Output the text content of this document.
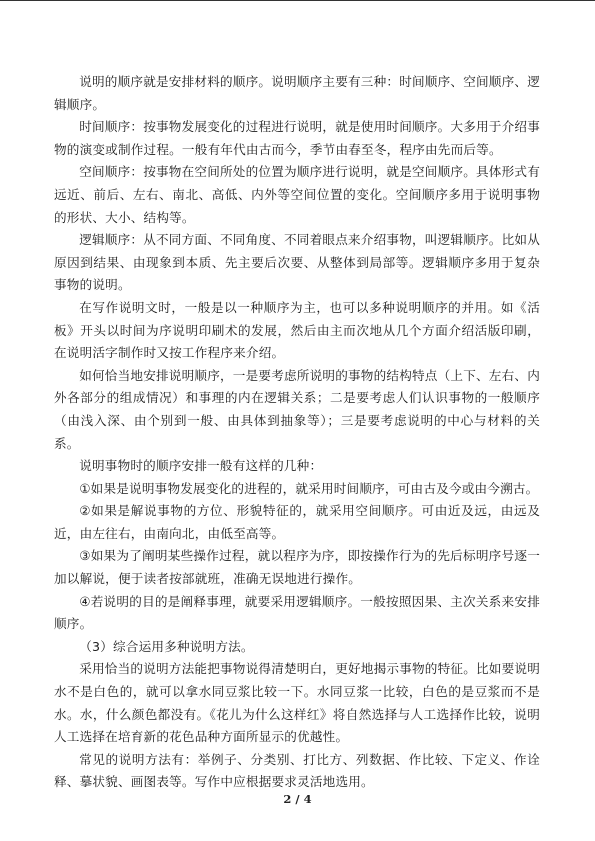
说明的顺序就是安排材料的顺序。说明顺序主要有三种：时间顺序、空间顺序、逻辑顺序。

时间顺序：按事物发展变化的过程进行说明，就是使用时间顺序。大多用于介绍事物的演变或制作过程。一般有年代由古而今，季节由春至冬，程序由先而后等。

空间顺序：按事物在空间所处的位置为顺序进行说明，就是空间顺序。具体形式有远近、前后、左右、南北、高低、内外等空间位置的变化。空间顺序多用于说明事物的形状、大小、结构等。

逻辑顺序：从不同方面、不同角度、不同着眼点来介绍事物，叫逻辑顺序。比如从原因到结果、由现象到本质、先主要后次要、从整体到局部等。逻辑顺序多用于复杂事物的说明。

在写作说明文时，一般是以一种顺序为主，也可以多种说明顺序的并用。如《活板》开头以时间为序说明印刷术的发展，然后由主而次地从几个方面介绍活版印刷，在说明活字制作时又按工作程序来介绍。

如何恰当地安排说明顺序，一是要考虑所说明的事物的结构特点（上下、左右、内外各部分的组成情况）和事理的内在逻辑关系；二是要考虑人们认识事物的一般顺序（由浅入深、由个别到一般、由具体到抽象等）；三是要考虑说明的中心与材料的关系。

说明事物时的顺序安排一般有这样的几种：

①如果是说明事物发展变化的进程的，就采用时间顺序，可由古及今或由今溯古。

②如果是解说事物的方位、形貌特征的，就采用空间顺序。可由近及远，由远及近，由左往右，由南向北，由低至高等。

③如果为了阐明某些操作过程，就以程序为序，即按操作行为的先后标明序号逐一加以解说，便于读者按部就班，准确无误地进行操作。

④若说明的目的是阐释事理，就要采用逻辑顺序。一般按照因果、主次关系来安排顺序。

（3）综合运用多种说明方法。

采用恰当的说明方法能把事物说得清楚明白，更好地揭示事物的特征。比如要说明水不是白色的，就可以拿水同豆浆比较一下。水同豆浆一比较，白色的是豆浆而不是水。水，什么颜色都没有。《花儿为什么这样红》将自然选择与人工选择作比较，说明人工选择在培育新的花色品种方面所显示的优越性。

常见的说明方法有：举例子、分类别、打比方、列数据、作比较、下定义、作诠释、摹状貌、画图表等。写作中应根据要求灵活地选用。

2 / 4
